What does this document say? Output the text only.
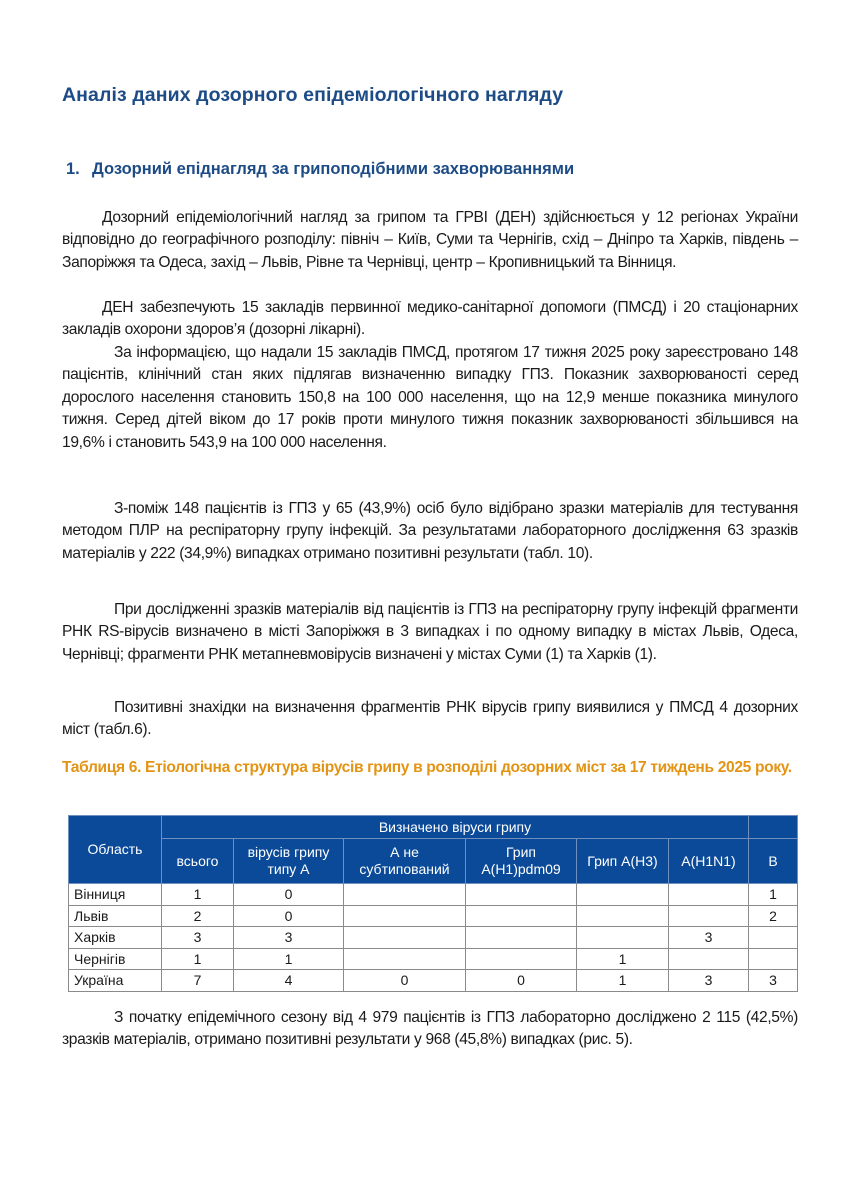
Аналіз даних дозорного епідеміологічного нагляду
1. Дозорний епіднагляд за грипоподібними захворюваннями

Дозорний епідеміологічний нагляд за грипом та ГРВІ (ДЕН) здійснюється у 12 регіонах України відповідно до географічного розподілу: північ – Київ, Суми та Чернігів, схід – Дніпро та Харків, південь – Запоріжжя та Одеса, захід – Львів, Рівне та Чернівці, центр – Кропивницький та Вінниця.

ДЕН забезпечують 15 закладів первинної медико-санітарної допомоги (ПМСД) і 20 стаціонарних закладів охорони здоров’я (дозорні лікарні).

За інформацією, що надали 15 закладів ПМСД, протягом 17 тижня 2025 року зареєстровано 148 пацієнтів, клінічний стан яких підлягав визначенню випадку ГПЗ. Показник захворюваності серед дорослого населення становить 150,8 на 100 000 населення, що на 12,9 менше показника минулого тижня. Серед дітей віком до 17 років проти минулого тижня показник захворюваності збільшився на 19,6% і становить 543,9 на 100 000 населення.

З-поміж 148 пацієнтів із ГПЗ у 65 (43,9%) осіб було відібрано зразки матеріалів для тестування методом ПЛР на респіраторну групу інфекцій. За результатами лабораторного дослідження 63 зразків матеріалів у 222 (34,9%) випадках отримано позитивні результати (табл. 10).

При дослідженні зразків матеріалів від пацієнтів із ГПЗ на респіраторну групу інфекцій фрагменти РНК RS-вірусів визначено в місті Запоріжжя в 3 випадках і по одному випадку в містах Львів, Одеса, Чернівці; фрагменти РНК метапневмовірусів визначені у містах Суми (1) та Харків (1).

Позитивні знахідки на визначення фрагментів РНК вірусів грипу виявилися у ПМСД 4 дозорних міст (табл.6).

Таблиця 6. Етіологічна структура вірусів грипу в розподілі дозорних міст за 17 тиждень 2025 року.
Область	Визначено віруси грипу						
	всього	вірусів грипу типу А	А не субтипований	Грип A(H1)pdm09	Грип А(H3)	A(H1N1)	В
Вінниця	1	0					1
Львів	2	0					2
Харків	3	3				3	
Чернігів	1	1			1		
Україна	7	4	0	0	1	3	3

З початку епідемічного сезону від 4 979 пацієнтів із ГПЗ лабораторно досліджено 2 115 (42,5%) зразків матеріалів, отримано позитивні результати у 968 (45,8%) випадках (рис. 5).
